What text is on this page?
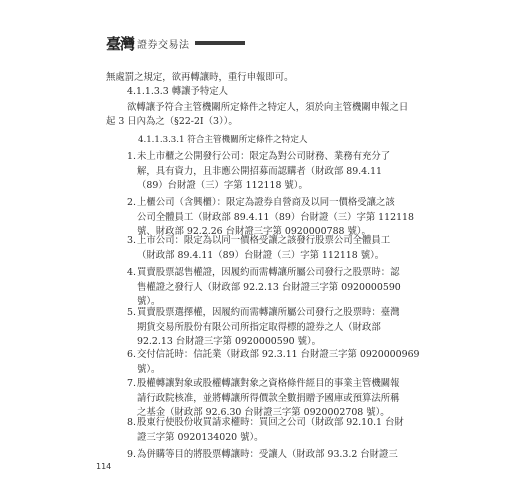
臺灣 證券交易法
無處罰之規定，欲再轉讓時，重行申報即可。
4.1.1.3.3 轉讓予特定人
欲轉讓予符合主管機關所定條件之特定人，須於向主管機關申報之日
起 3 日內為之（§22-2Ⅰ（3））。
4.1.1.3.3.1 符合主管機關所定條件之特定人
1. 未上市櫃之公開發行公司：限定為對公司財務、業務有充分了
解，具有資力，且非應公開招募而認購者（財政部 89.4.11
（89）台財證（三）字第 112118 號）。
2. 上櫃公司（含興櫃）：限定為證券自營商及以同一價格受讓之該
公司全體員工（財政部 89.4.11（89）台財證（三）字第 112118
號、財政部 92.2.26 台財證三字第 0920000788 號）。
3. 上市公司：限定為以同一價格受讓之該發行股票公司全體員工
（財政部 89.4.11（89）台財證（三）字第 112118 號）。
4. 買賣股票認售權證，因履約而需轉讓所屬公司發行之股票時：認
售權證之發行人（財政部 92.2.13 台財證三字第 0920000590
號）。
5. 買賣股票選擇權，因履約而需轉讓所屬公司發行之股票時：臺灣
期貨交易所股份有限公司所指定取得標的證券之人（財政部
92.2.13 台財證三字第 0920000590 號）。
6. 交付信託時：信託業（財政部 92.3.11 台財證三字第 0920000969
號）。
7. 股權轉讓對象或股權轉讓對象之資格條件經目的事業主管機關報
請行政院核准，並將轉讓所得價款全數捐贈予國庫或預算法所稱
之基金（財政部 92.6.30 台財證三字第 0920002708 號）。
8. 股東行使股份收買請求權時：買回之公司（財政部 92.10.1 台財
證三字第 0920134020 號）。
9. 為併購等目的將股票轉讓時：受讓人（財政部 93.3.2 台財證三
114
